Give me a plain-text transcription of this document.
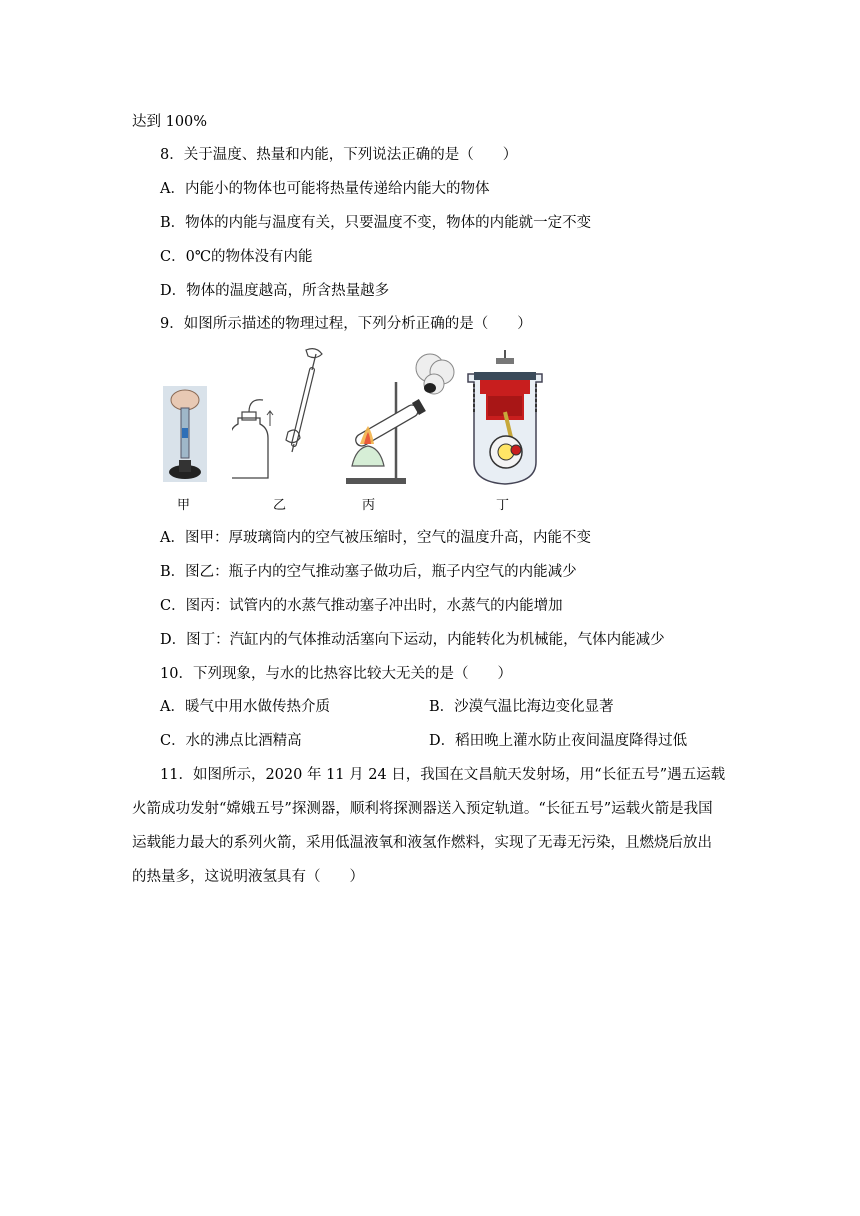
达到 100%
8．关于温度、热量和内能，下列说法正确的是（　　）
A．内能小的物体也可能将热量传递给内能大的物体
B．物体的内能与温度有关，只要温度不变，物体的内能就一定不变
C．0℃的物体没有内能
D．物体的温度越高，所含热量越多
9．如图所示描述的物理过程，下列分析正确的是（　　）
甲	乙	丙	丁
A．图甲：厚玻璃筒内的空气被压缩时，空气的温度升高，内能不变
B．图乙：瓶子内的空气推动塞子做功后，瓶子内空气的内能减少
C．图丙：试管内的水蒸气推动塞子冲出时，水蒸气的内能增加
D．图丁：汽缸内的气体推动活塞向下运动，内能转化为机械能，气体内能减少
10．下列现象，与水的比热容比较大无关的是（　　）
A．暖气中用水做传热介质	B．沙漠气温比海边变化显著
C．水的沸点比酒精高	D．稻田晚上灌水防止夜间温度降得过低
11．如图所示，2020 年 11 月 24 日，我国在文昌航天发射场，用“长征五号”遇五运载
火箭成功发射“嫦娥五号”探测器，顺利将探测器送入预定轨道。“长征五号”运载火箭是我国
运载能力最大的系列火箭，采用低温液氧和液氢作燃料，实现了无毒无污染，且燃烧后放出
的热量多，这说明液氢具有（　　）
